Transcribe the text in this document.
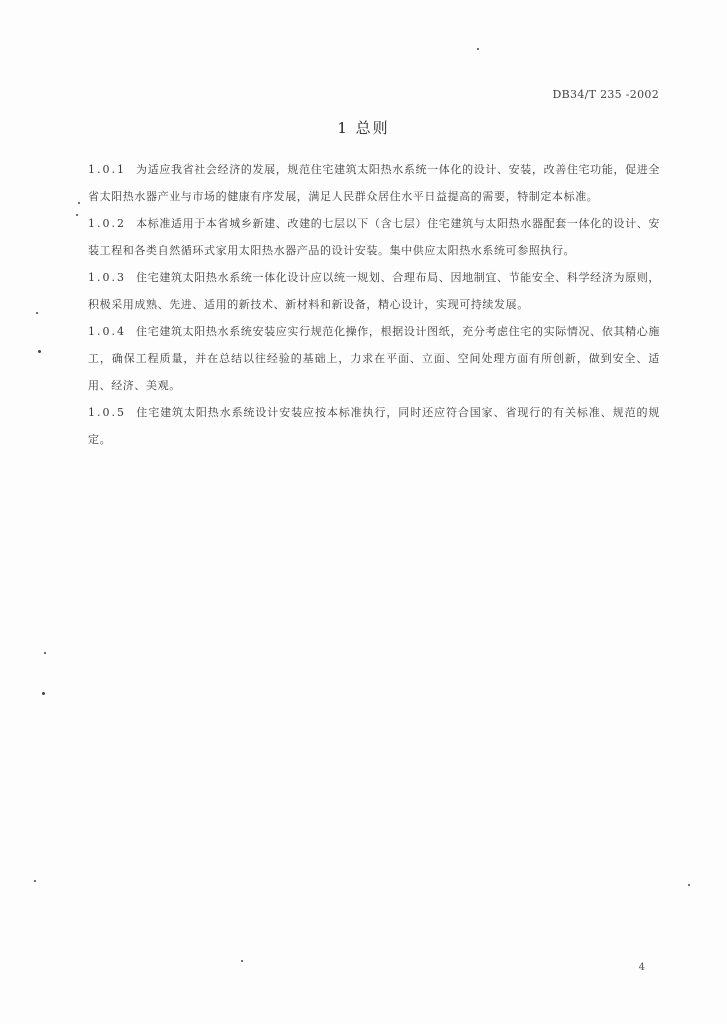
DB34/T 235 -2002
1 总则

1.0.1 为适应我省社会经济的发展，规范住宅建筑太阳热水系统一体化的设计、安装，改善住宅功能，促进全省太阳热水器产业与市场的健康有序发展，满足人民群众居住水平日益提高的需要，特制定本标准。

1.0.2 本标准适用于本省城乡新建、改建的七层以下（含七层）住宅建筑与太阳热水器配套一体化的设计、安装工程和各类自然循环式家用太阳热水器产品的设计安装。集中供应太阳热水系统可参照执行。

1.0.3 住宅建筑太阳热水系统一体化设计应以统一规划、合理布局、因地制宜、节能安全、科学经济为原则，积极采用成熟、先进、适用的新技术、新材料和新设备，精心设计，实现可持续发展。

1.0.4 住宅建筑太阳热水系统安装应实行规范化操作，根据设计图纸，充分考虑住宅的实际情况、依其精心施工，确保工程质量，并在总结以往经验的基础上，力求在平面、立面、空间处理方面有所创新，做到安全、适用、经济、美观。

1.0.5 住宅建筑太阳热水系统设计安装应按本标准执行，同时还应符合国家、省现行的有关标准、规范的规定。

4
